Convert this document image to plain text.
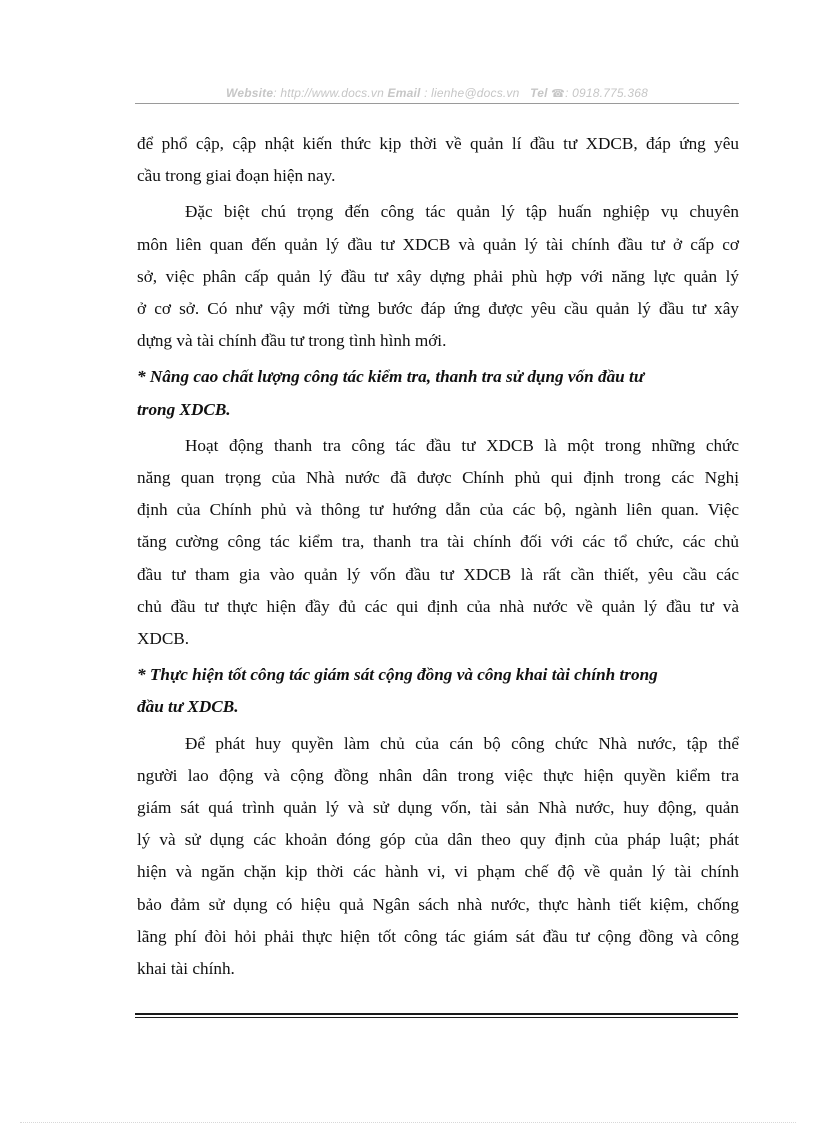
Website: http://www.docs.vn Email : lienhe@docs.vn Tel ☎: 0918.775.368
để phổ cập, cập nhật kiến thức kịp thời về quản lí đầu tư XDCB, đáp ứng yêu
cầu trong giai đoạn hiện nay.
Đặc biệt chú trọng đến công tác quản lý tập huấn nghiệp vụ chuyên
môn liên quan đến quản lý đầu tư XDCB và quản lý tài chính đầu tư ở cấp cơ
sở, việc phân cấp quản lý đầu tư xây dựng phải phù hợp với năng lực quản lý
ở cơ sở. Có như vậy mới từng bước đáp ứng được yêu cầu quản lý đầu tư xây
dựng và tài chính đầu tư trong tình hình mới.
* Nâng cao chất lượng công tác kiểm tra, thanh tra sử dụng vốn đầu tư
trong XDCB.
Hoạt động thanh tra công tác đầu tư XDCB là một trong những chức
năng quan trọng của Nhà nước đã được Chính phủ qui định trong các Nghị
định của Chính phủ và thông tư hướng dẫn của các bộ, ngành liên quan. Việc
tăng cường công tác kiểm tra, thanh tra tài chính đối với các tổ chức, các chủ
đầu tư tham gia vào quản lý vốn đầu tư XDCB là rất cần thiết, yêu cầu các
chủ đầu tư thực hiện đầy đủ các qui định của nhà nước về quản lý đầu tư và
XDCB.
* Thực hiện tốt công tác giám sát cộng đồng và công khai tài chính trong
đầu tư XDCB.
Để phát huy quyền làm chủ của cán bộ công chức Nhà nước, tập thể
người lao động và cộng đồng nhân dân trong việc thực hiện quyền kiểm tra
giám sát quá trình quản lý và sử dụng vốn, tài sản Nhà nước, huy động, quản
lý và sử dụng các khoản đóng góp của dân theo quy định của pháp luật; phát
hiện và ngăn chặn kịp thời các hành vi, vi phạm chế độ về quản lý tài chính
bảo đảm sử dụng có hiệu quả Ngân sách nhà nước, thực hành tiết kiệm, chống
lãng phí đòi hỏi phải thực hiện tốt công tác giám sát đầu tư cộng đồng và công
khai tài chính.
